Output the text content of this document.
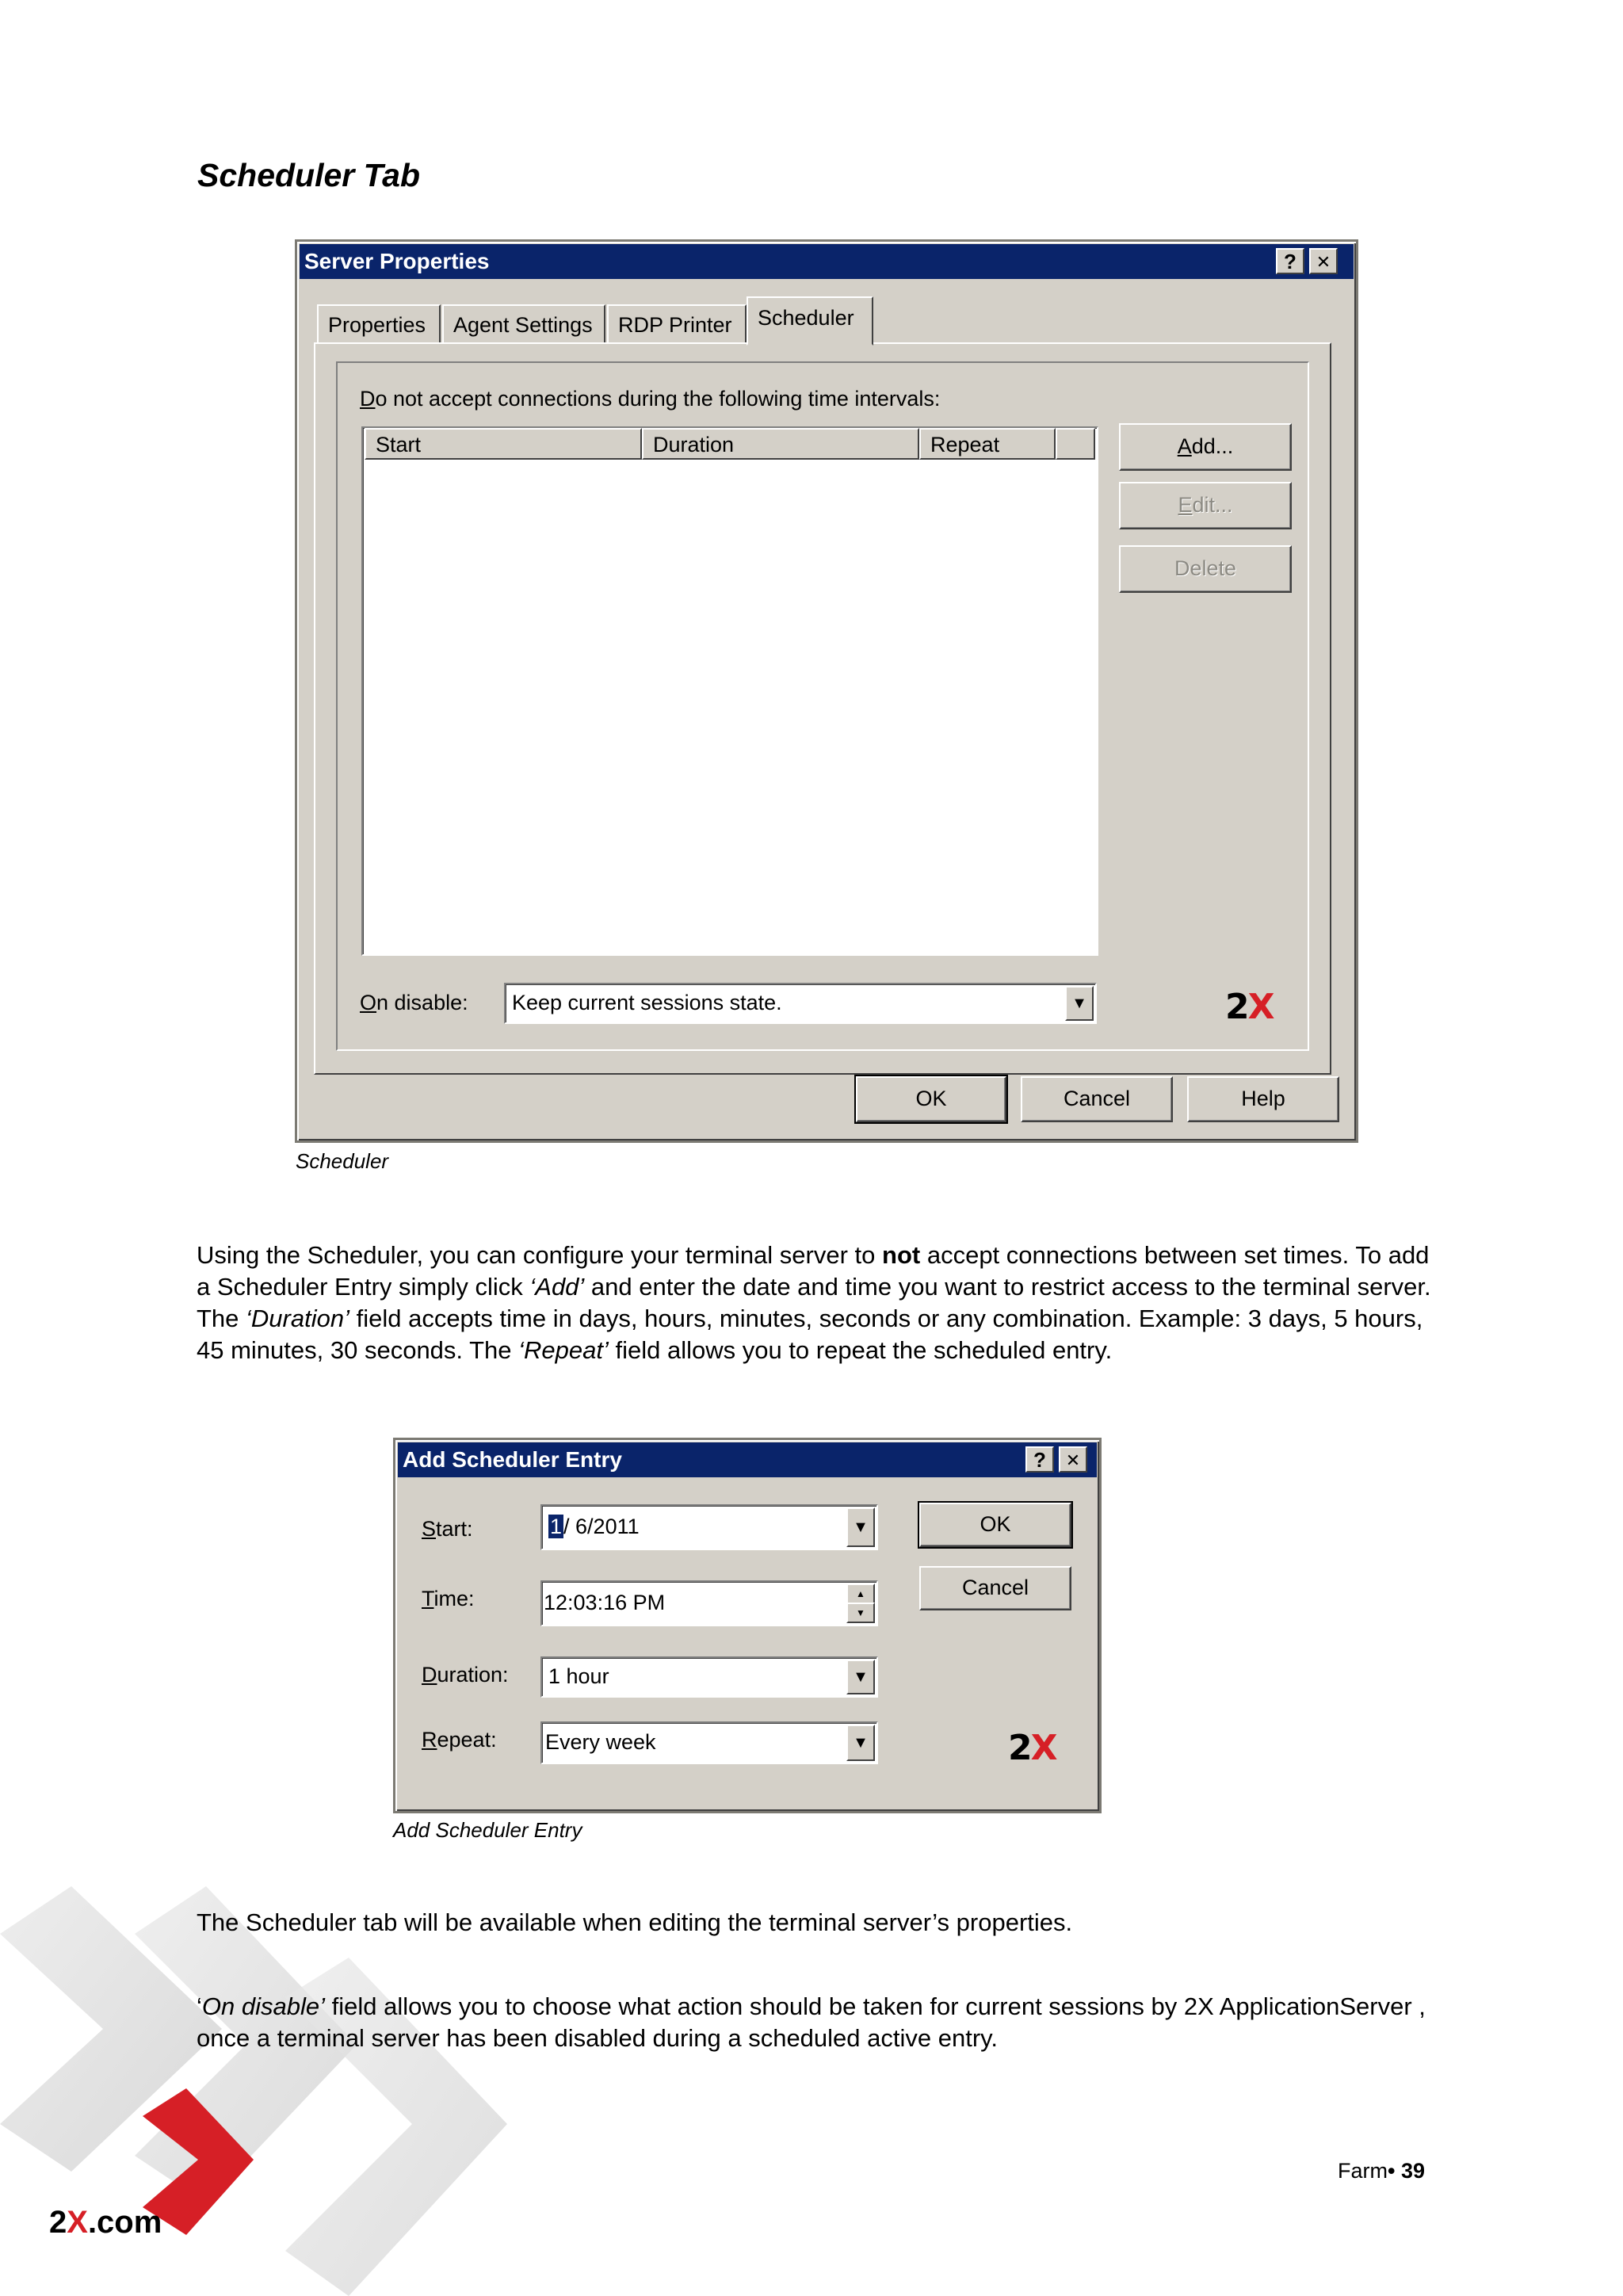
2X.com
Scheduler Tab
Server Properties	?	✕
Properties	Agent Settings	RDP Printer	Scheduler
Do not accept connections during the following time intervals:
Start	Duration	Repeat	Add...
Edit...
Delete
On disable: Keep current sessions state.	▼	2X
OK	Cancel	Help
Scheduler

Using the Scheduler, you can configure your terminal server to not accept connections between set times. To add a Scheduler Entry simply click ‘Add’ and enter the date and time you want to restrict access to the terminal server. The ‘Duration’ field accepts time in days, hours, minutes, seconds or any combination. Example: 3 days, 5 hours, 45 minutes, 30 seconds. The ‘Repeat’ field allows you to repeat the scheduled entry.

Add Scheduler Entry	?	✕
Start:	1/ 6/2011	▼
Time:	12:03:16 PM	▲
▼
Duration: 1 hour	▼
Repeat: Every week	▼
OK
Cancel
2X
Add Scheduler Entry
The Scheduler tab will be available when editing the terminal server’s properties.

‘On disable’ field allows you to choose what action should be taken for current sessions by 2X ApplicationServer , once a terminal server has been disabled during a scheduled active entry.

Farm• 39
